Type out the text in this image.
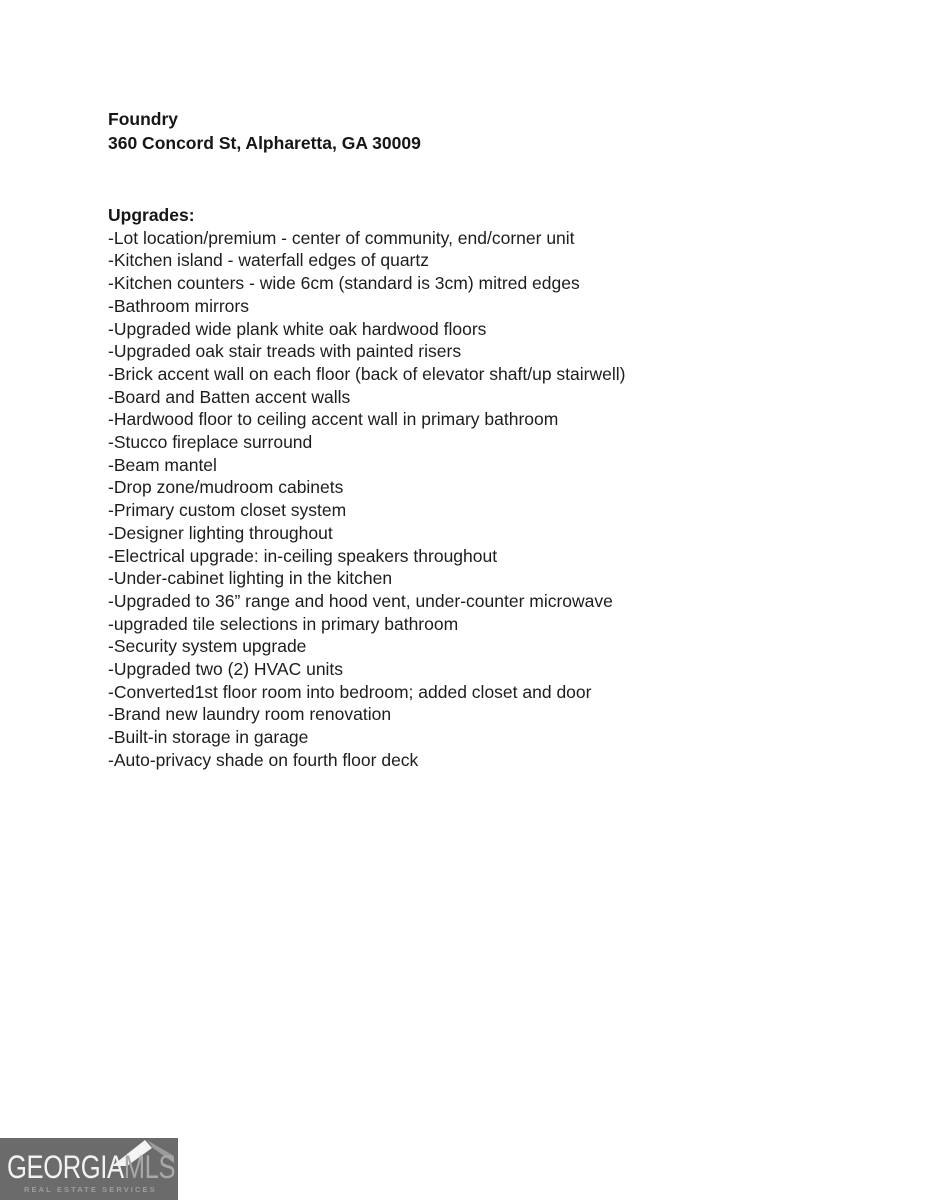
Foundry
360 Concord St, Alpharetta, GA 30009
Upgrades:
-Lot location/premium - center of community, end/corner unit
-Kitchen island - waterfall edges of quartz
-Kitchen counters - wide 6cm (standard is 3cm) mitred edges
-Bathroom mirrors
-Upgraded wide plank white oak hardwood floors
-Upgraded oak stair treads with painted risers
-Brick accent wall on each floor (back of elevator shaft/up stairwell)
-Board and Batten accent walls
-Hardwood floor to ceiling accent wall in primary bathroom
-Stucco fireplace surround
-Beam mantel
-Drop zone/mudroom cabinets
-Primary custom closet system
-Designer lighting throughout
-Electrical upgrade: in-ceiling speakers throughout
-Under-cabinet lighting in the kitchen
-Upgraded to 36” range and hood vent, under-counter microwave
-upgraded tile selections in primary bathroom
-Security system upgrade
-Upgraded two (2) HVAC units
-Converted1st floor room into bedroom; added closet and door
-Brand new laundry room renovation
-Built-in storage in garage
-Auto-privacy shade on fourth floor deck
GEORGIAMLS
REAL ESTATE SERVICES
